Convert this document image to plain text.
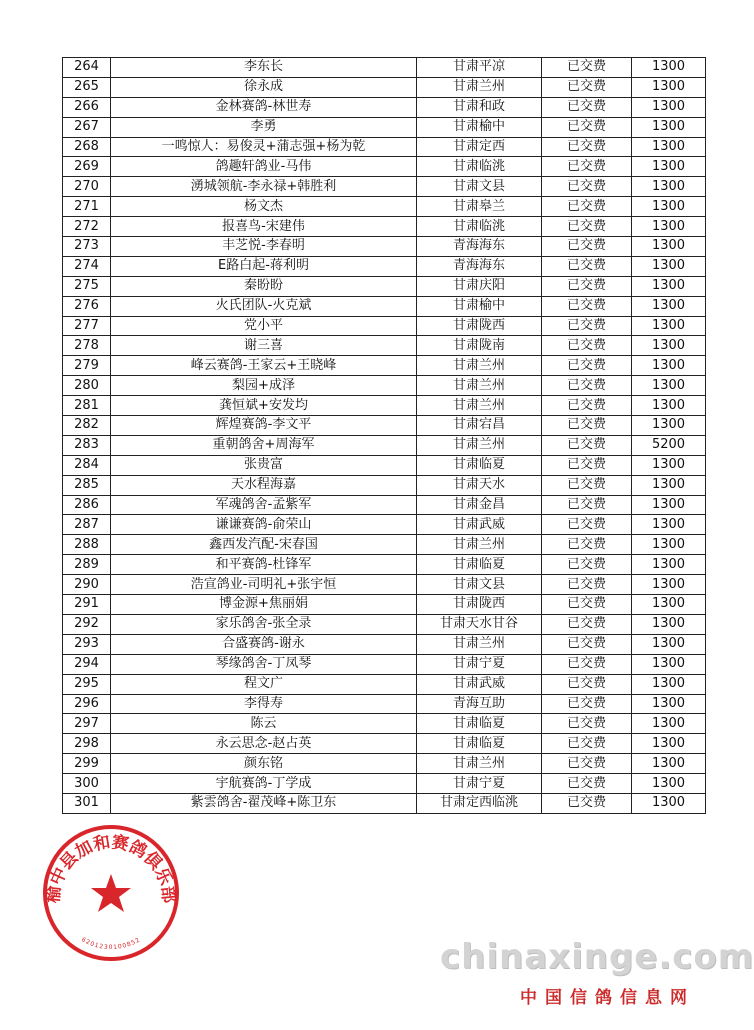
264	李东长	甘肃平凉	已交费	1300
265	徐永成	甘肃兰州	已交费	1300
266	金林赛鸽-林世寿	甘肃和政	已交费	1300
267	李勇	甘肃榆中	已交费	1300
268	一鸣惊人：易俊灵+蒲志强+杨为乾	甘肃定西	已交费	1300
269	鸽趣轩鸽业-马伟	甘肃临洮	已交费	1300
270	湧城领航-李永禄+韩胜利	甘肃文县	已交费	1300
271	杨文杰	甘肃皋兰	已交费	1300
272	报喜鸟-宋建伟	甘肃临洮	已交费	1300
273	丰芝悦-李春明	青海海东	已交费	1300
274	E路白起-蒋利明	青海海东	已交费	1300
275	秦盼盼	甘肃庆阳	已交费	1300
276	火氏团队-火克斌	甘肃榆中	已交费	1300
277	党小平	甘肃陇西	已交费	1300
278	谢三喜	甘肃陇南	已交费	1300
279	峰云赛鸽-王家云+王晓峰	甘肃兰州	已交费	1300
280	梨园+成泽	甘肃兰州	已交费	1300
281	龚恒斌+安发均	甘肃兰州	已交费	1300
282	辉煌赛鸽-李文平	甘肃宕昌	已交费	1300
283	重朝鸽舍+周海军	甘肃兰州	已交费	5200
284	张贵富	甘肃临夏	已交费	1300
285	天水程海嘉	甘肃天水	已交费	1300
286	军魂鸽舍-孟紫军	甘肃金昌	已交费	1300
287	谦谦赛鸽-俞荣山	甘肃武威	已交费	1300
288	鑫西发汽配-宋春国	甘肃兰州	已交费	1300
289	和平赛鸽-杜锋军	甘肃临夏	已交费	1300
290	浩宣鸽业-司明礼+张宇恒	甘肃文县	已交费	1300
291	博金源+焦丽娟	甘肃陇西	已交费	1300
292	家乐鸽舍-张全录	甘肃天水甘谷	已交费	1300
293	合盛赛鸽-谢永	甘肃兰州	已交费	1300
294	琴缘鸽舍-丁凤琴	甘肃宁夏	已交费	1300
295	程文广	甘肃武威	已交费	1300
296	李得寿	青海互助	已交费	1300
297	陈云	甘肃临夏	已交费	1300
298	永云思念-赵占英	甘肃临夏	已交费	1300
299	颜东铭	甘肃兰州	已交费	1300
300	宇航赛鸽-丁学成	甘肃宁夏	已交费	1300
301	紫雲鸽舍-翟茂峰+陈卫东	甘肃定西临洮	已交费	1300
榆中县加和赛鸽俱乐部
6201230100852	chinaxinge.com
中国信鸽信息网
